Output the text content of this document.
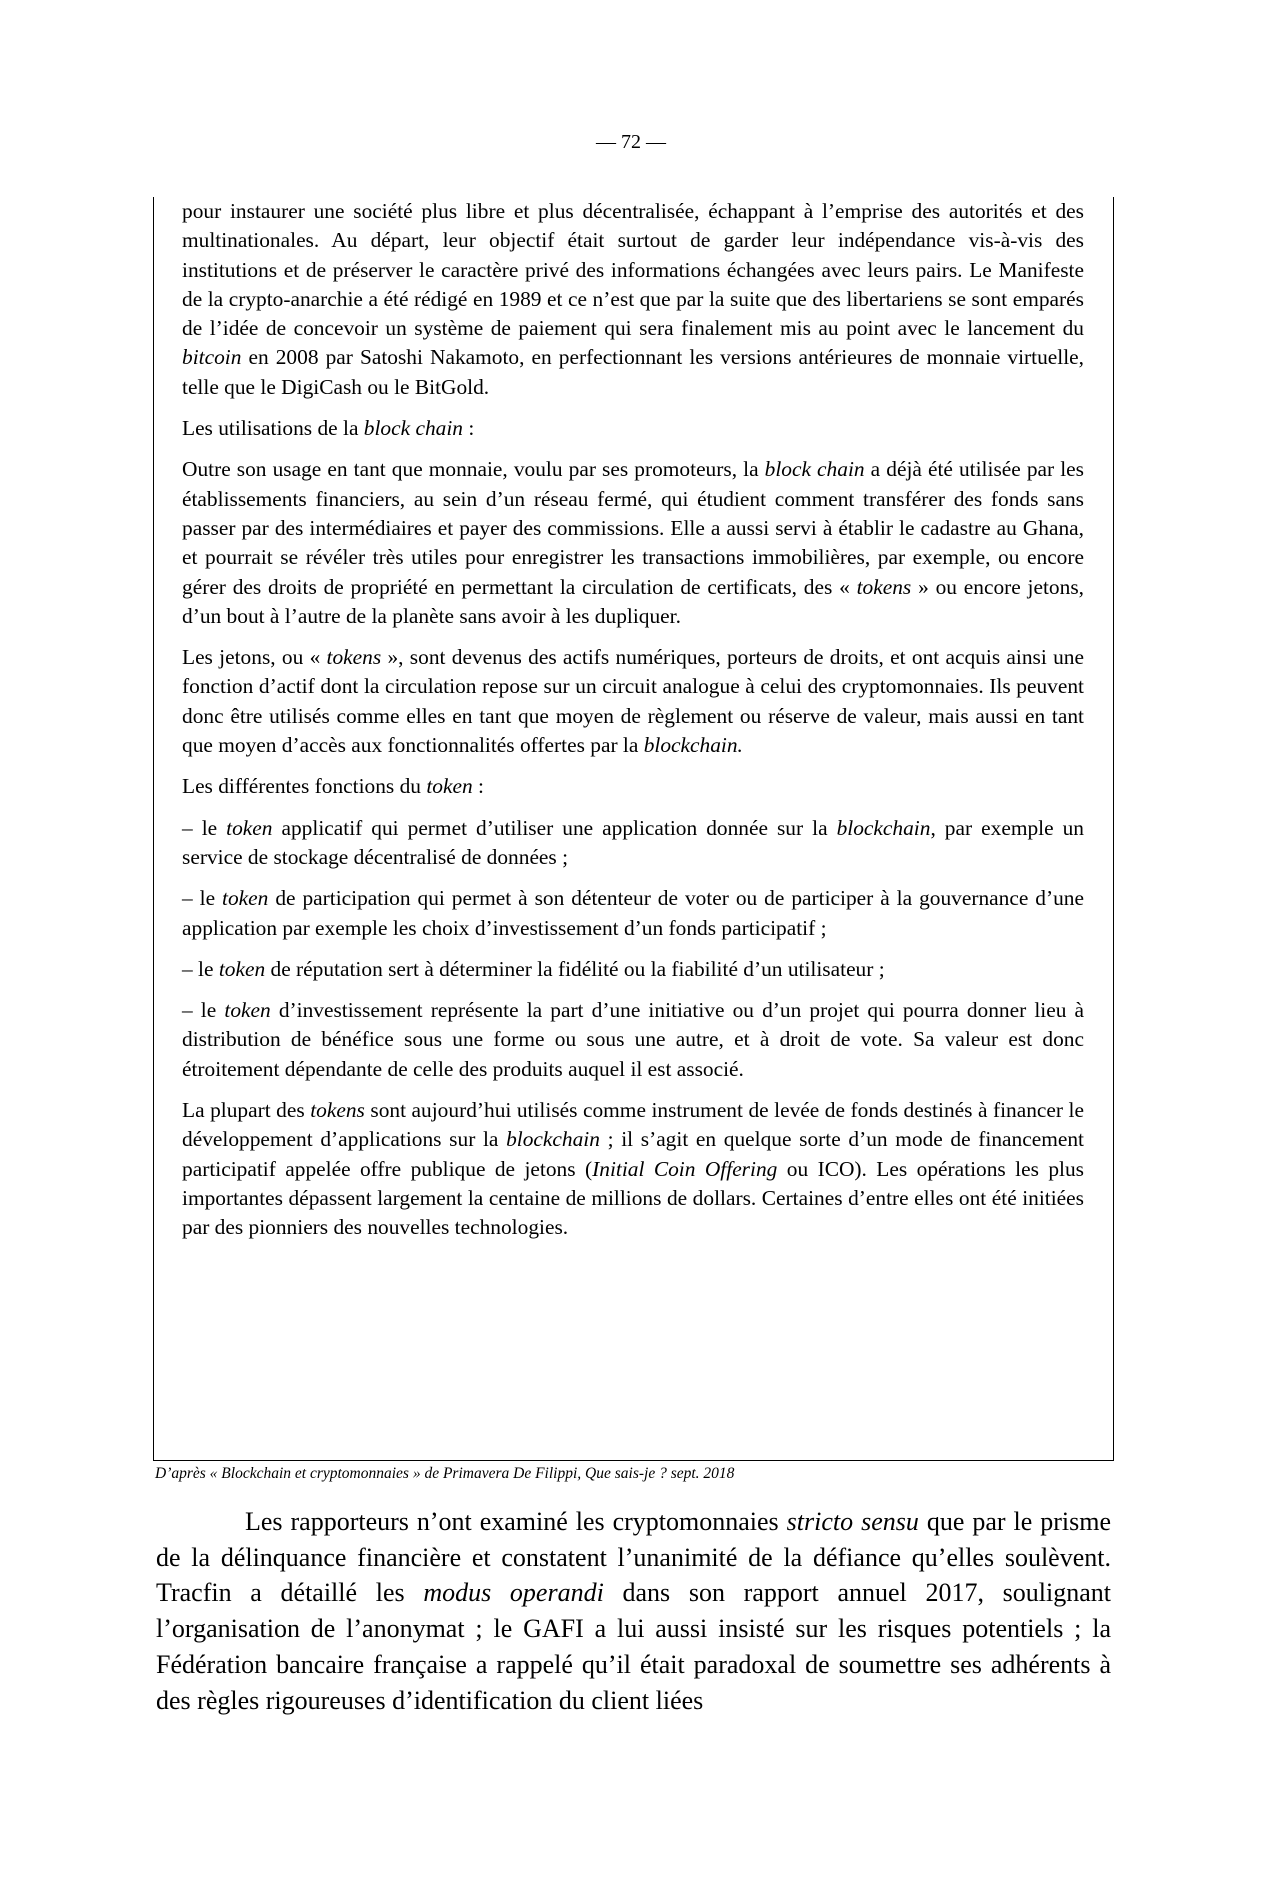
— 72 —

pour instaurer une société plus libre et plus décentralisée, échappant à l’emprise des autorités et des multinationales. Au départ, leur objectif était surtout de garder leur indépendance vis-à-vis des institutions et de préserver le caractère privé des informations échangées avec leurs pairs. Le Manifeste de la crypto-anarchie a été rédigé en 1989 et ce n’est que par la suite que des libertariens se sont emparés de l’idée de concevoir un système de paiement qui sera finalement mis au point avec le lancement du bitcoin en 2008 par Satoshi Nakamoto, en perfectionnant les versions antérieures de monnaie virtuelle, telle que le DigiCash ou le BitGold.

Les utilisations de la block chain :

Outre son usage en tant que monnaie, voulu par ses promoteurs, la block chain a déjà été utilisée par les établissements financiers, au sein d’un réseau fermé, qui étudient comment transférer des fonds sans passer par des intermédiaires et payer des commissions. Elle a aussi servi à établir le cadastre au Ghana, et pourrait se révéler très utiles pour enregistrer les transactions immobilières, par exemple, ou encore gérer des droits de propriété en permettant la circulation de certificats, des « tokens » ou encore jetons, d’un bout à l’autre de la planète sans avoir à les dupliquer.

Les jetons, ou « tokens », sont devenus des actifs numériques, porteurs de droits, et ont acquis ainsi une fonction d’actif dont la circulation repose sur un circuit analogue à celui des cryptomonnaies. Ils peuvent donc être utilisés comme elles en tant que moyen de règlement ou réserve de valeur, mais aussi en tant que moyen d’accès aux fonctionnalités offertes par la blockchain.

Les différentes fonctions du token :

– le token applicatif qui permet d’utiliser une application donnée sur la blockchain, par exemple un service de stockage décentralisé de données ;

– le token de participation qui permet à son détenteur de voter ou de participer à la gouvernance d’une application par exemple les choix d’investissement d’un fonds participatif ;

– le token de réputation sert à déterminer la fidélité ou la fiabilité d’un utilisateur ;

– le token d’investissement représente la part d’une initiative ou d’un projet qui pourra donner lieu à distribution de bénéfice sous une forme ou sous une autre, et à droit de vote. Sa valeur est donc étroitement dépendante de celle des produits auquel il est associé.

La plupart des tokens sont aujourd’hui utilisés comme instrument de levée de fonds destinés à financer le développement d’applications sur la blockchain ; il s’agit en quelque sorte d’un mode de financement participatif appelée offre publique de jetons (Initial Coin Offering ou ICO). Les opérations les plus importantes dépassent largement la centaine de millions de dollars. Certaines d’entre elles ont été initiées par des pionniers des nouvelles technologies.

D’après « Blockchain et cryptomonnaies » de Primavera De Filippi, Que sais-je ? sept. 2018

Les rapporteurs n’ont examiné les cryptomonnaies stricto sensu que par le prisme de la délinquance financière et constatent l’unanimité de la défiance qu’elles soulèvent. Tracfin a détaillé les modus operandi dans son rapport annuel 2017, soulignant l’organisation de l’anonymat ; le GAFI a lui aussi insisté sur les risques potentiels ; la Fédération bancaire française a rappelé qu’il était paradoxal de soumettre ses adhérents à des règles rigoureuses d’identification du client liées
